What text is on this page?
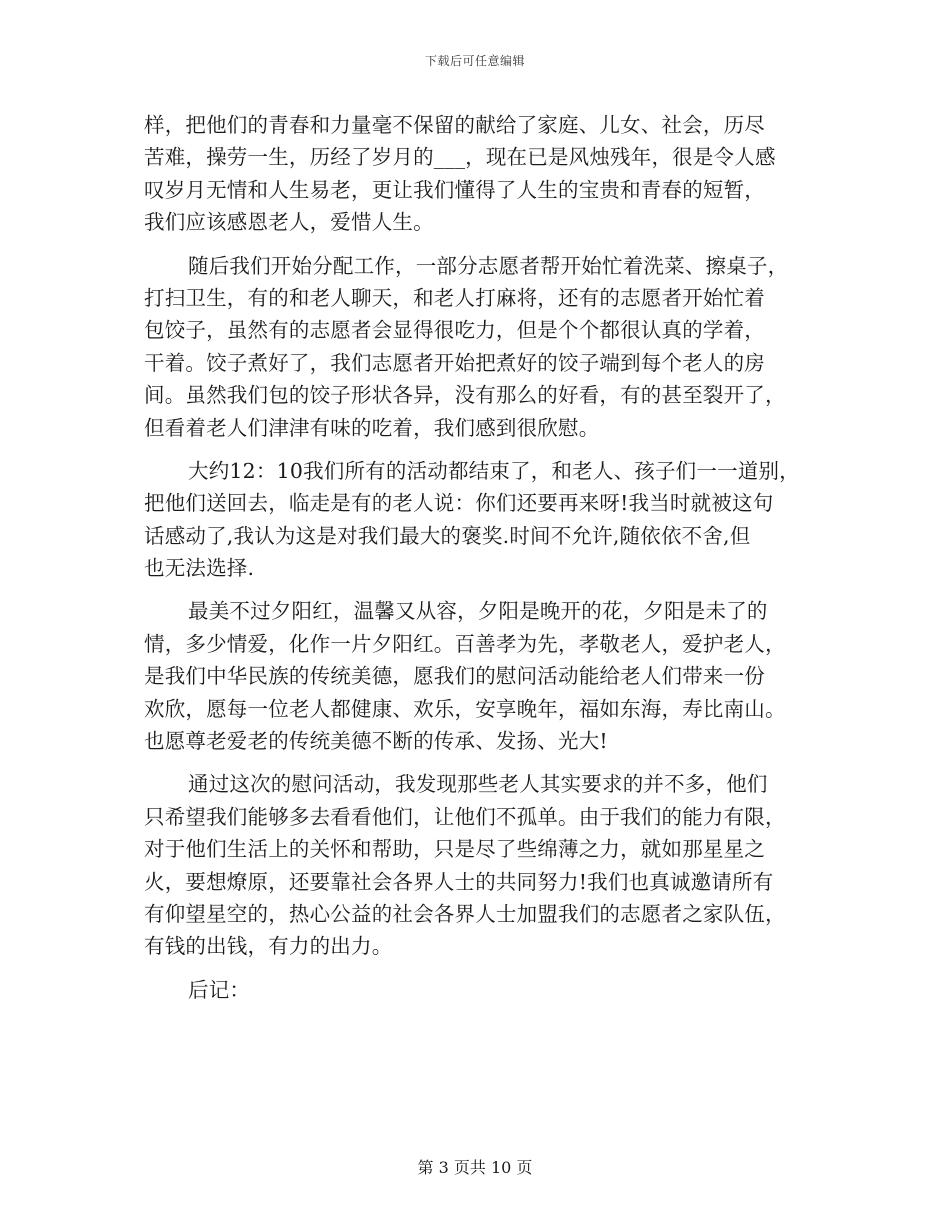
下载后可任意编辑
样，把他们的青春和力量毫不保留的献给了家庭、儿女、社会，历尽
苦难，操劳一生，历经了岁月的___，现在已是风烛残年，很是令人感
叹岁月无情和人生易老，更让我们懂得了人生的宝贵和青春的短暂，
我们应该感恩老人，爱惜人生。
随后我们开始分配工作，一部分志愿者帮开始忙着洗菜、擦桌子，
打扫卫生，有的和老人聊天，和老人打麻将，还有的志愿者开始忙着
包饺子，虽然有的志愿者会显得很吃力，但是个个都很认真的学着，
干着。饺子煮好了，我们志愿者开始把煮好的饺子端到每个老人的房
间。虽然我们包的饺子形状各异，没有那么的好看，有的甚至裂开了，
但看着老人们津津有味的吃着，我们感到很欣慰。
大约12：10我们所有的活动都结束了，和老人、孩子们一一道别，
把他们送回去，临走是有的老人说：你们还要再来呀!我当时就被这句
话感动了,我认为这是对我们最大的褒奖.时间不允许,随依依不舍,但
也无法选择.
最美不过夕阳红，温馨又从容，夕阳是晚开的花，夕阳是未了的
情，多少情爱，化作一片夕阳红。百善孝为先，孝敬老人，爱护老人，
是我们中华民族的传统美德，愿我们的慰问活动能给老人们带来一份
欢欣，愿每一位老人都健康、欢乐，安享晚年，福如东海，寿比南山。
也愿尊老爱老的传统美德不断的传承、发扬、光大!
通过这次的慰问活动，我发现那些老人其实要求的并不多，他们
只希望我们能够多去看看他们，让他们不孤单。由于我们的能力有限，
对于他们生活上的关怀和帮助，只是尽了些绵薄之力，就如那星星之
火，要想燎原，还要靠社会各界人士的共同努力!我们也真诚邀请所有
有仰望星空的，热心公益的社会各界人士加盟我们的志愿者之家队伍，
有钱的出钱，有力的出力。
后记：
第 3 页共 10 页
